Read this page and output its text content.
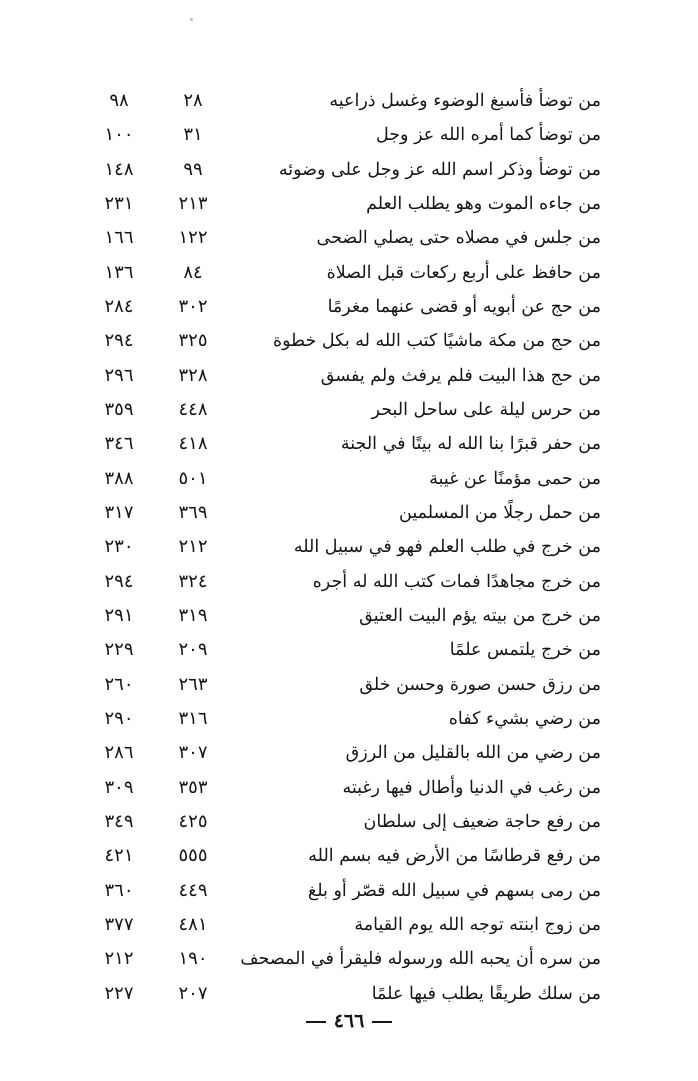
من توضأ فأسبغ الوضوء وغسل ذراعيه
٢٨
٩٨
من توضأ كما أمره الله عز وجل
٣١
١٠٠
من توضأ وذكر اسم الله عز وجل على وضوئه
٩٩
١٤٨
من جاءه الموت وهو يطلب العلم
٢١٣
٢٣١
من جلس في مصلاه حتى يصلي الضحى
١٢٢
١٦٦
من حافظ على أربع ركعات قبل الصلاة
٨٤
١٣٦
من حج عن أبويه أو قضى عنهما مغرمًا
٣٠٢
٢٨٤
من حج من مكة ماشيًا كتب الله له بكل خطوة
٣٢٥
٢٩٤
من حج هذا البيت فلم يرفث ولم يفسق
٣٢٨
٢٩٦
من حرس ليلة على ساحل البحر
٤٤٨
٣٥٩
من حفر قبرًا بنا الله له بيتًا في الجنة
٤١٨
٣٤٦
من حمى مؤمنًا عن غيبة
٥٠١
٣٨٨
من حمل رجلًا من المسلمين
٣٦٩
٣١٧
من خرج في طلب العلم فهو في سبيل الله
٢١٢
٢٣٠
من خرج مجاهدًا فمات كتب الله له أجره
٣٢٤
٢٩٤
من خرج من بيته يؤم البيت العتيق
٣١٩
٢٩١
من خرج يلتمس علمًا
٢٠٩
٢٢٩
من رزق حسن صورة وحسن خلق
٢٦٣
٢٦٠
من رضي بشيء كفاه
٣١٦
٢٩٠
من رضي من الله بالقليل من الرزق
٣٠٧
٢٨٦
من رغب في الدنيا وأطال فيها رغبته
٣٥٣
٣٠٩
من رفع حاجة ضعيف إلى سلطان
٤٢٥
٣٤٩
من رفع قرطاسًا من الأرض فيه بسم الله
٥٥٥
٤٢١
من رمى بسهم في سبيل الله قصّر أو بلغ
٤٤٩
٣٦٠
من زوج ابنته توجه الله يوم القيامة
٤٨١
٣٧٧
من سره أن يحبه الله ورسوله فليقرأ في المصحف
١٩٠
٢١٢
من سلك طريقًا يطلب فيها علمًا
٢٠٧
٢٢٧
٤٦٦
